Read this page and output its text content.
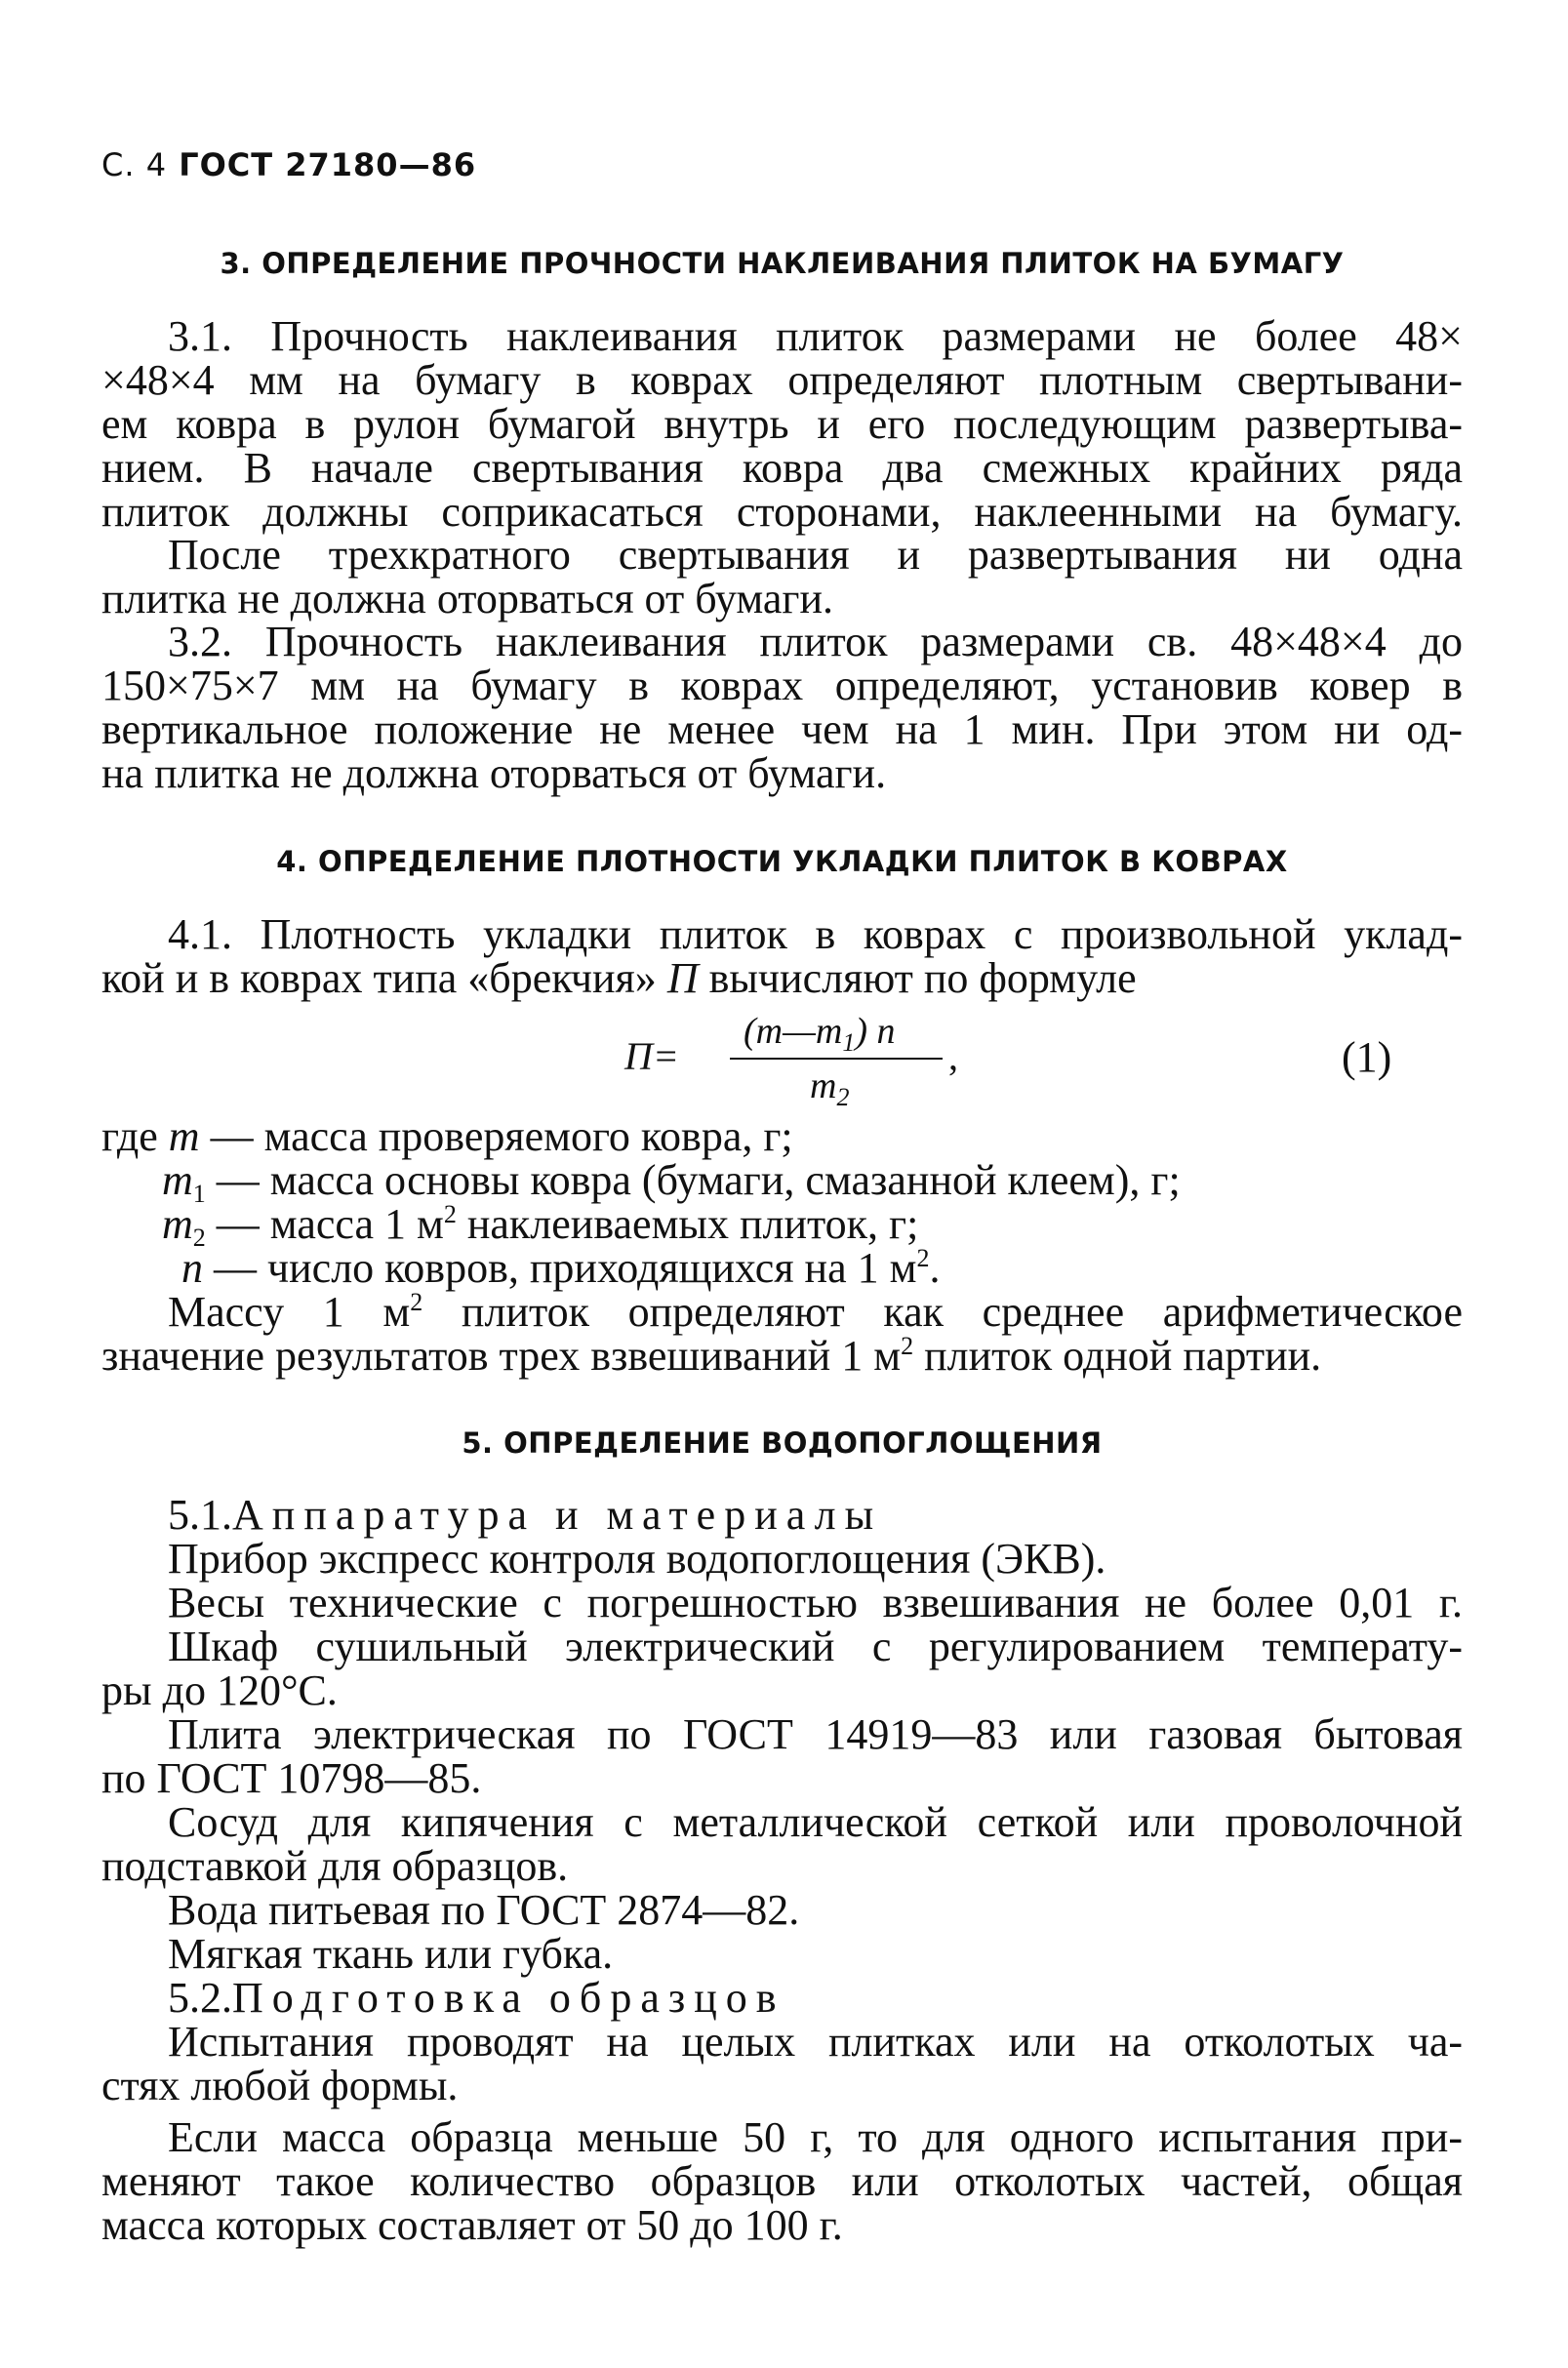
С. 4 ГОСТ 27180—86
3. ОПРЕДЕЛЕНИЕ ПРОЧНОСТИ НАКЛЕИВАНИЯ ПЛИТОК НА БУМАГУ
3.1. Прочность наклеивания плиток размерами не более 48×
×48×4 мм на бумагу в коврах определяют плотным свертывани-
ем ковра в рулон бумагой внутрь и его последующим развертыва-
нием. В начале свертывания ковра два смежных крайних ряда
плиток должны соприкасаться сторонами, наклеенными на бумагу.
После трехкратного свертывания и развертывания ни одна
плитка не должна оторваться от бумаги.
3.2. Прочность наклеивания плиток размерами св. 48×48×4 до
150×75×7 мм на бумагу в коврах определяют, установив ковер в
вертикальное положение не менее чем на 1 мин. При этом ни од-
на плитка не должна оторваться от бумаги.
4. ОПРЕДЕЛЕНИЕ ПЛОТНОСТИ УКЛАДКИ ПЛИТОК В КОВРАХ
4.1. Плотность укладки плиток в коврах с произвольной уклад-
кой и в коврах типа «брекчия» П вычисляют по формуле
П=
$(m—m_1)$ n
$m_2$
,	(1)
где m — масса проверяемого ковра, г;
$m_1$ — масса основы ковра (бумаги, смазанной клеем), г;
$m_2$ — масса 1 $м^2$ наклеиваемых плиток, г;
n — число ковров, приходящихся на 1 $м^2$.
Массу 1 $м^2$ плиток определяют как среднее арифметическое
значение результатов трех взвешиваний 1 $м^2$ плиток одной партии.
5. ОПРЕДЕЛЕНИЕ ВОДОПОГЛОЩЕНИЯ
5.1.Аппаратура и материалы
Прибор экспресс контроля водопоглощения (ЭКВ).
Весы технические с погрешностью взвешивания не более 0,01 г.
Шкаф сушильный электрический с регулированием температу-
ры до 120°С.
Плита электрическая по ГОСТ 14919—83 или газовая бытовая
по ГОСТ 10798—85.
Сосуд для кипячения с металлической сеткой или проволочной
подставкой для образцов.
Вода питьевая по ГОСТ 2874—82.
Мягкая ткань или губка.
5.2.Подготовка образцов
Испытания проводят на целых плитках или на отколотых ча-
стях любой формы.
Если масса образца меньше 50 г, то для одного испытания при-
меняют такое количество образцов или отколотых частей, общая
масса которых составляет от 50 до 100 г.
